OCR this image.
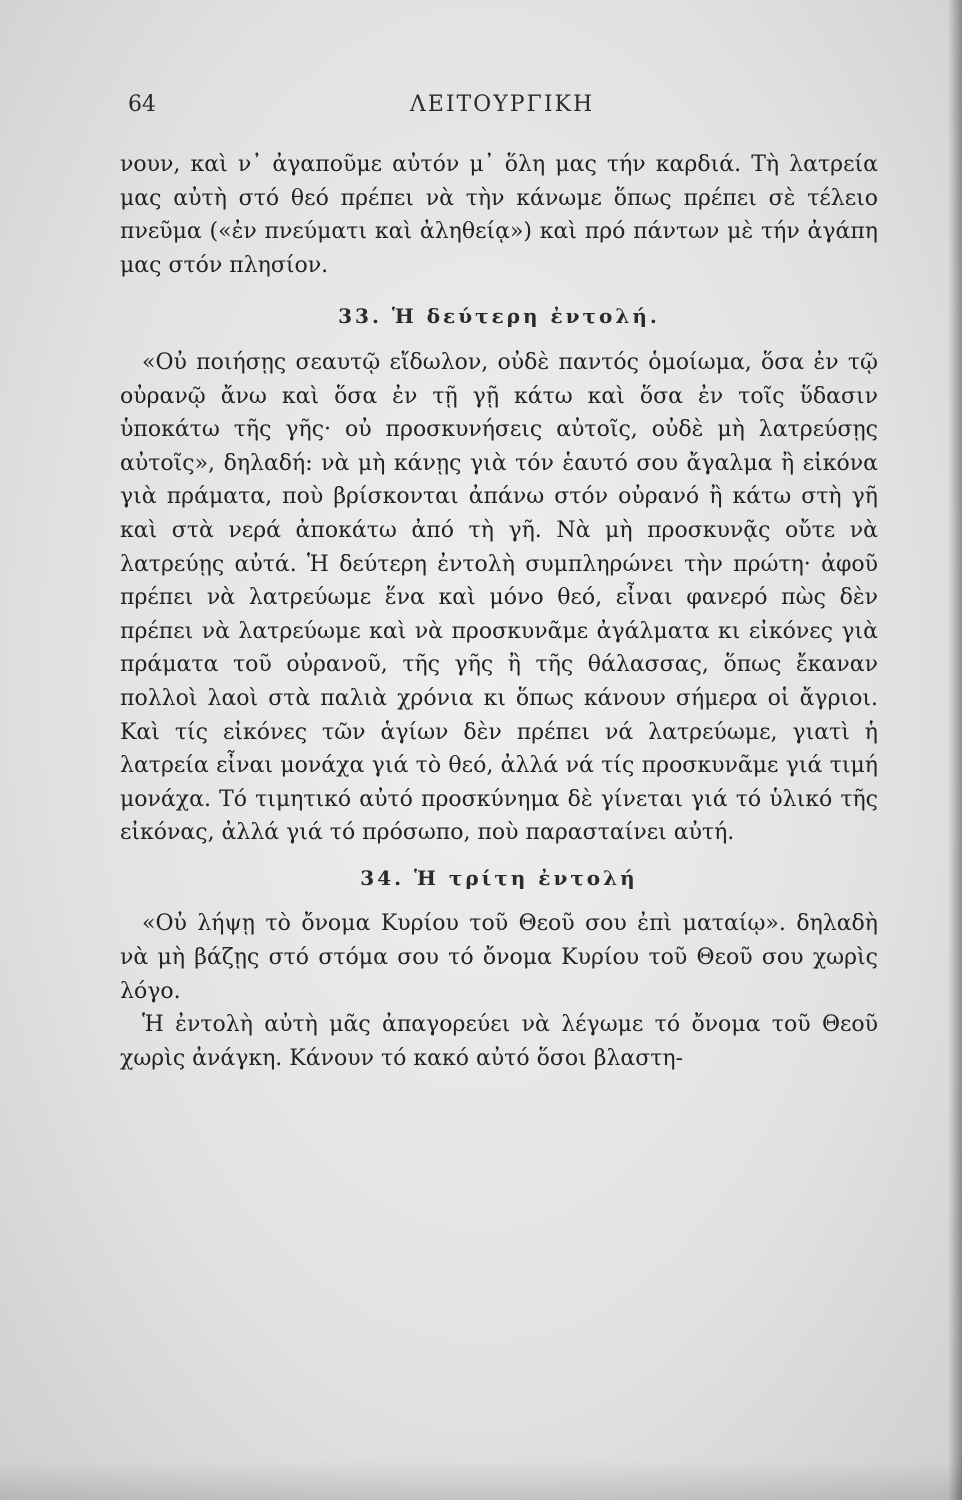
64	ΛΕΙΤΟΥΡΓΙΚΗ

νουν, καὶ ν᾿ ἀγαποῦμε αὐτόν μ᾿ ὅλη μας τήν καρδιά. Τὴ λατρεία μας αὐτὴ στό θεό πρέπει νὰ τὴν κάνωμε ὅπως πρέπει σὲ τέλειο πνεῦμα («ἐν πνεύματι καὶ ἀληθείᾳ») καὶ πρό πάντων μὲ τήν ἀγάπη μας στόν πλησίον.

33. Ἡ δεύτερη ἐντολή.

«Οὐ ποιήσῃς σεαυτῷ εἴδωλον, οὐδὲ παντός ὁμοίωμα, ὅσα ἐν τῷ οὐρανῷ ἄνω καὶ ὅσα ἐν τῇ γῇ κάτω καὶ ὅσα ἐν τοῖς ὕδασιν ὑποκάτω τῆς γῆς· οὐ προσκυνήσεις αὐτοῖς, οὐδὲ μὴ λατρεύσῃς αὐτοῖς», δηλαδή: νὰ μὴ κάνῃς γιὰ τόν ἑαυτό σου ἄγαλμα ἢ εἰκόνα γιὰ πράματα, ποὺ βρίσκονται ἀπάνω στόν οὐρανό ἢ κάτω στὴ γῆ καὶ στὰ νερά ἀποκάτω ἀπό τὴ γῆ. Νὰ μὴ προσκυνᾷς οὔτε νὰ λατρεύῃς αὐτά. Ἡ δεύτερη ἐντολὴ συμπληρώνει τὴν πρώτη· ἀφοῦ πρέπει νὰ λατρεύωμε ἕνα καὶ μόνο θεό, εἶναι φανερό πὼς δὲν πρέπει νὰ λατρεύωμε καὶ νὰ προσκυνᾶμε ἀγάλματα κι εἰκόνες γιὰ πράματα τοῦ οὐρανοῦ, τῆς γῆς ἢ τῆς θάλασσας, ὅπως ἔκαναν πολλοὶ λαοὶ στὰ παλιὰ χρόνια κι ὅπως κάνουν σήμερα οἱ ἄγριοι. Καὶ τίς εἰκόνες τῶν ἁγίων δὲν πρέπει νά λατρεύωμε, γιατὶ ἡ λατρεία εἶναι μονάχα γιά τὸ θεό, ἀλλά νά τίς προσκυνᾶμε γιά τιμή μονάχα. Τό τιμητικό αὐτό προσκύνημα δὲ γίνεται γιά τό ὑλικό τῆς εἰκόνας, ἀλλά γιά τό πρόσωπο, ποὺ παρασταίνει αὐτή.

34. Ἡ τρίτη ἐντολή

«Οὐ λήψῃ τὸ ὄνομα Κυρίου τοῦ Θεοῦ σου ἐπὶ ματαίῳ». δηλαδὴ νὰ μὴ βάζῃς στό στόμα σου τό ὄνομα Κυρίου τοῦ Θεοῦ σου χωρὶς λόγο.

Ἡ ἐντολὴ αὐτὴ μᾶς ἀπαγορεύει νὰ λέγωμε τό ὄνομα τοῦ Θεοῦ χωρὶς ἀνάγκη. Κάνουν τό κακό αὐτό ὅσοι βλαστη-
